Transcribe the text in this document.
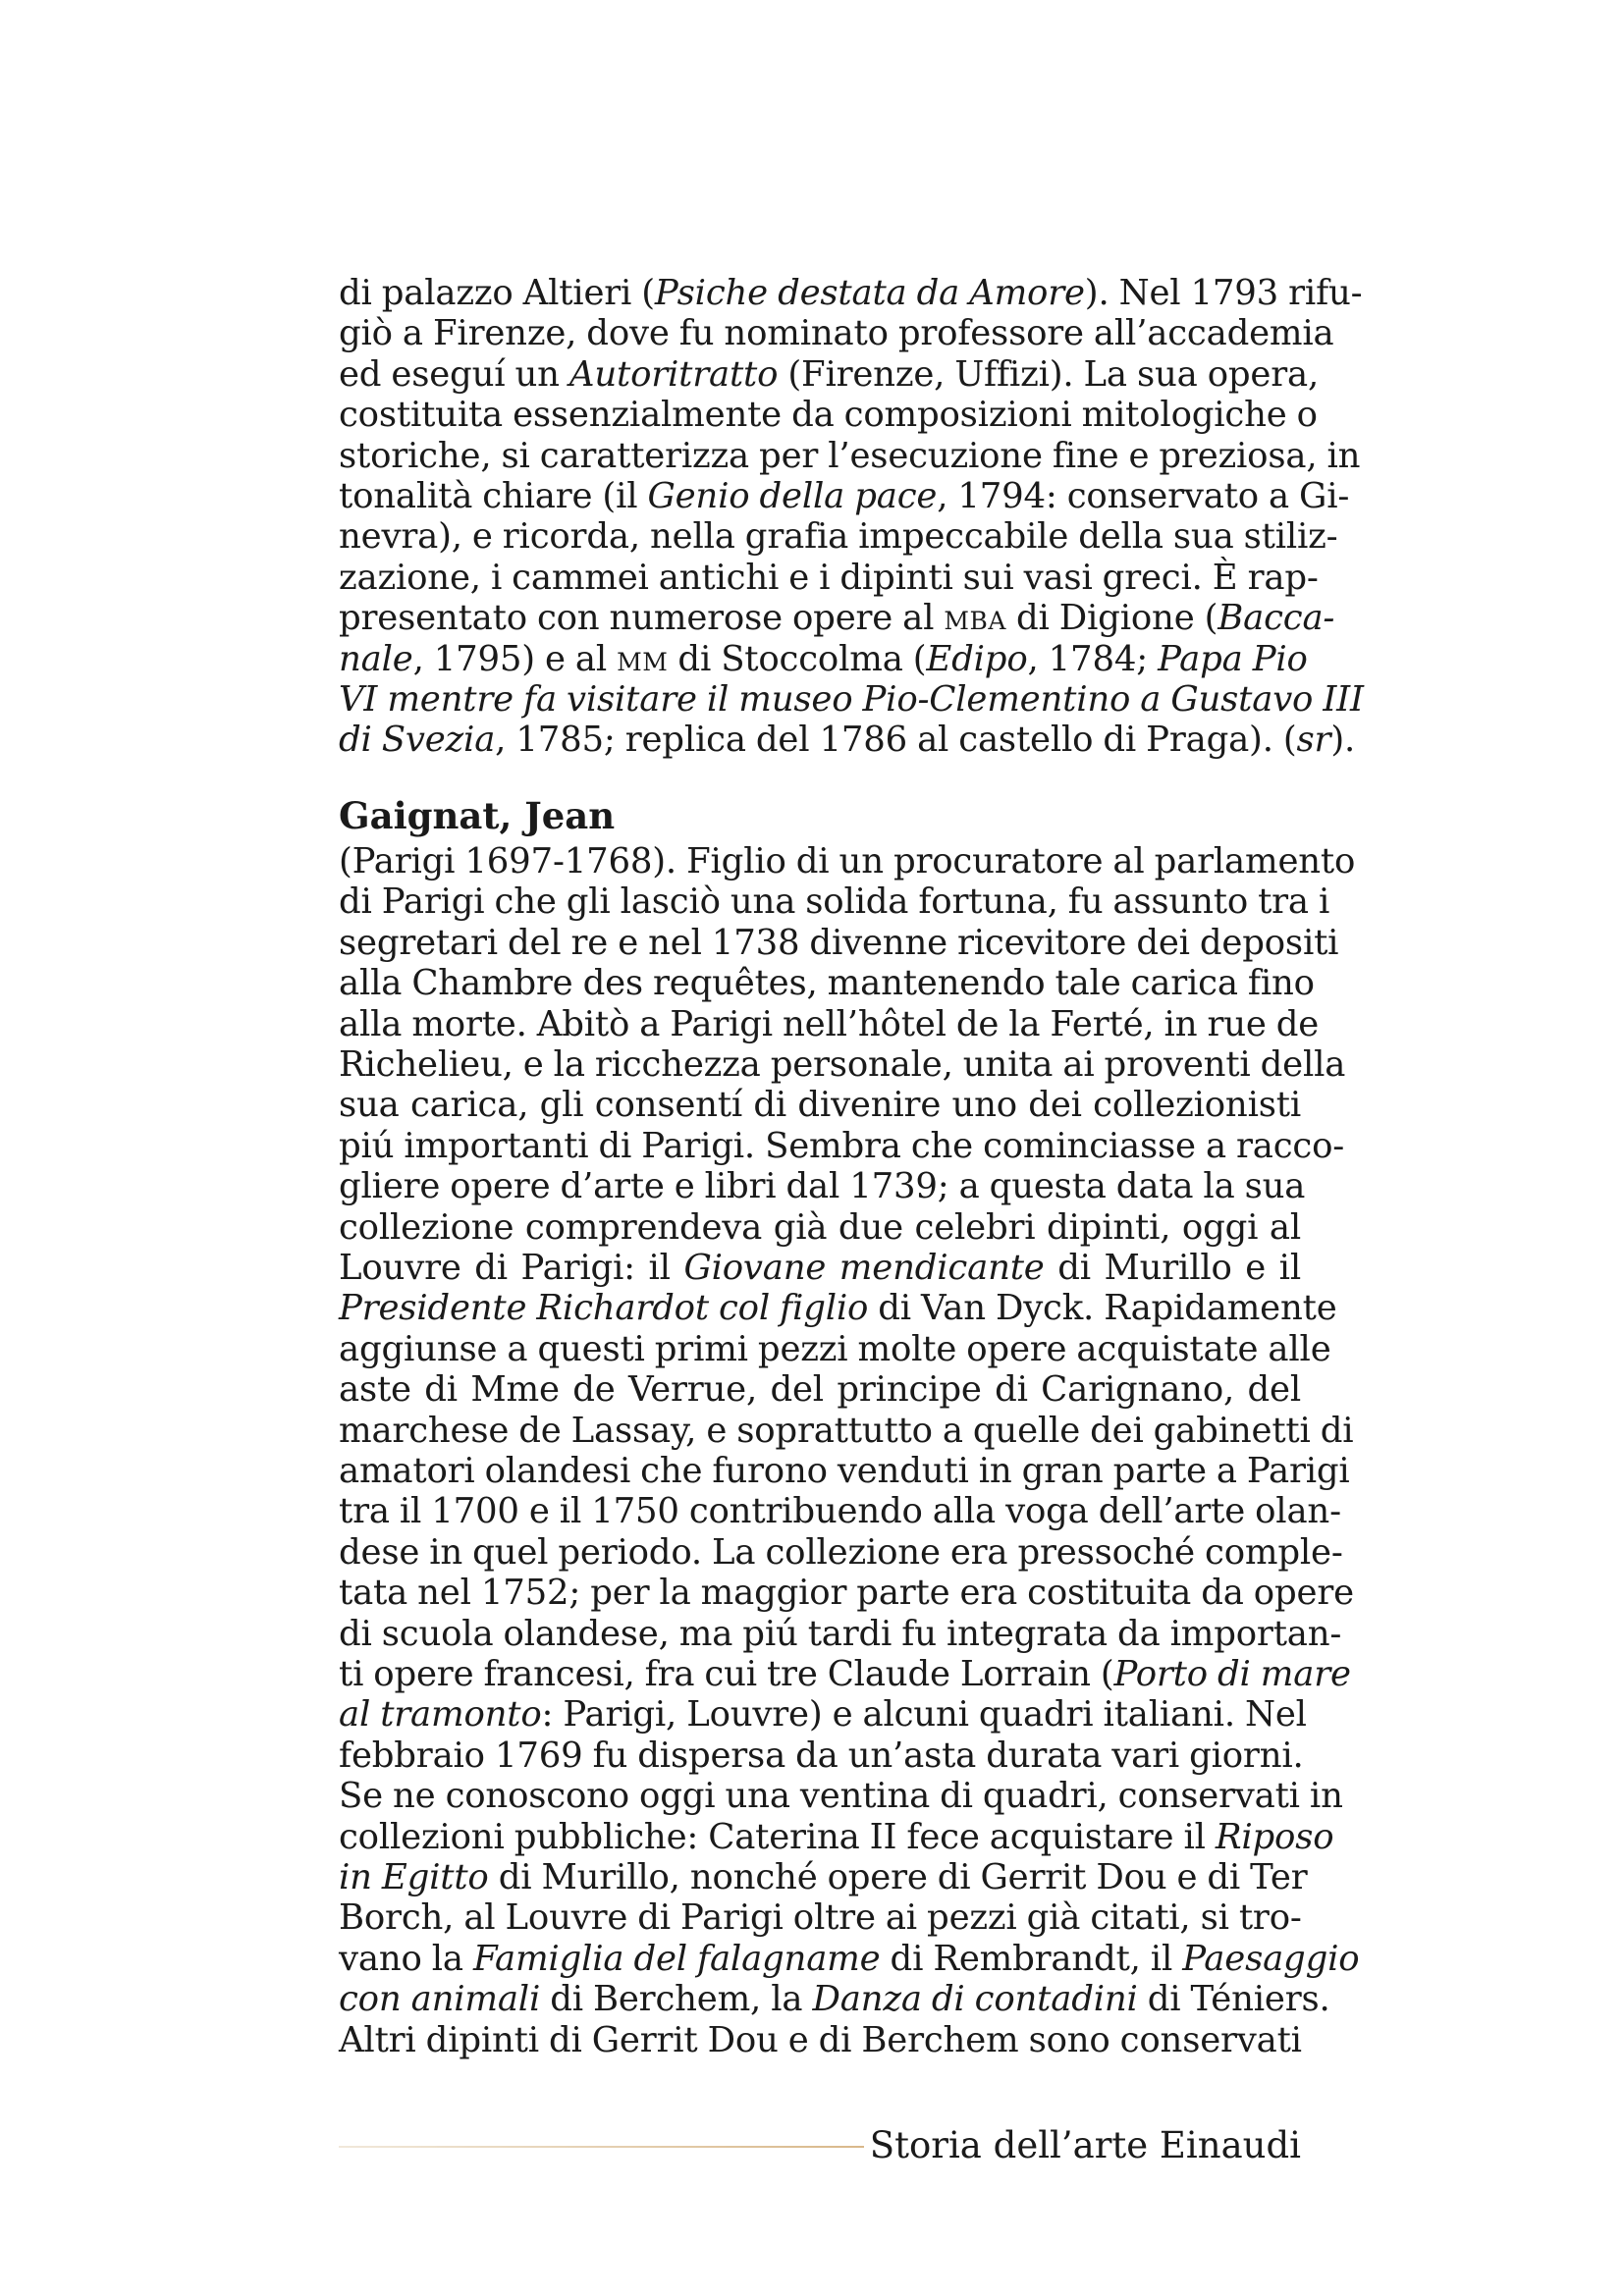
di palazzo Altieri (Psiche destata da Amore). Nel 1793 rifu-
giò a Firenze, dove fu nominato professore all’accademia
ed eseguí un Autoritratto (Firenze, Uffizi). La sua opera,
costituita essenzialmente da composizioni mitologiche o
storiche, si caratterizza per l’esecuzione fine e preziosa, in
tonalità chiare (il Genio della pace, 1794: conservato a Gi-
nevra), e ricorda, nella grafia impeccabile della sua stiliz-
zazione, i cammei antichi e i dipinti sui vasi greci. È rap-
presentato con numerose opere al mba di Digione (Bacca-
nale, 1795) e al mm di Stoccolma (Edipo, 1784; Papa Pio
VI mentre fa visitare il museo Pio-Clementino a Gustavo III
di Svezia, 1785; replica del 1786 al castello di Praga). (sr).

Gaignat, Jean

(Parigi 1697-1768). Figlio di un procuratore al parlamento
di Parigi che gli lasciò una solida fortuna, fu assunto tra i
segretari del re e nel 1738 divenne ricevitore dei depositi
alla Chambre des requêtes, mantenendo tale carica fino
alla morte. Abitò a Parigi nell’hôtel de la Ferté, in rue de
Richelieu, e la ricchezza personale, unita ai proventi della
sua carica, gli consentí di divenire uno dei collezionisti
piú importanti di Parigi. Sembra che cominciasse a racco-
gliere opere d’arte e libri dal 1739; a questa data la sua
collezione comprendeva già due celebri dipinti, oggi al
Louvre di Parigi: il Giovane mendicante di Murillo e il
Presidente Richardot col figlio di Van Dyck. Rapidamente
aggiunse a questi primi pezzi molte opere acquistate alle
aste di Mme de Verrue, del principe di Carignano, del
marchese de Lassay, e soprattutto a quelle dei gabinetti di
amatori olandesi che furono venduti in gran parte a Parigi
tra il 1700 e il 1750 contribuendo alla voga dell’arte olan-
dese in quel periodo. La collezione era pressoché comple-
tata nel 1752; per la maggior parte era costituita da opere
di scuola olandese, ma piú tardi fu integrata da importan-
ti opere francesi, fra cui tre Claude Lorrain (Porto di mare
al tramonto: Parigi, Louvre) e alcuni quadri italiani. Nel
febbraio 1769 fu dispersa da un’asta durata vari giorni.
Se ne conoscono oggi una ventina di quadri, conservati in
collezioni pubbliche: Caterina II fece acquistare il Riposo
in Egitto di Murillo, nonché opere di Gerrit Dou e di Ter
Borch, al Louvre di Parigi oltre ai pezzi già citati, si tro-
vano la Famiglia del falagname di Rembrandt, il Paesaggio
con animali di Berchem, la Danza di contadini di Téniers.
Altri dipinti di Gerrit Dou e di Berchem sono conservati

Storia dell’arte Einaudi
